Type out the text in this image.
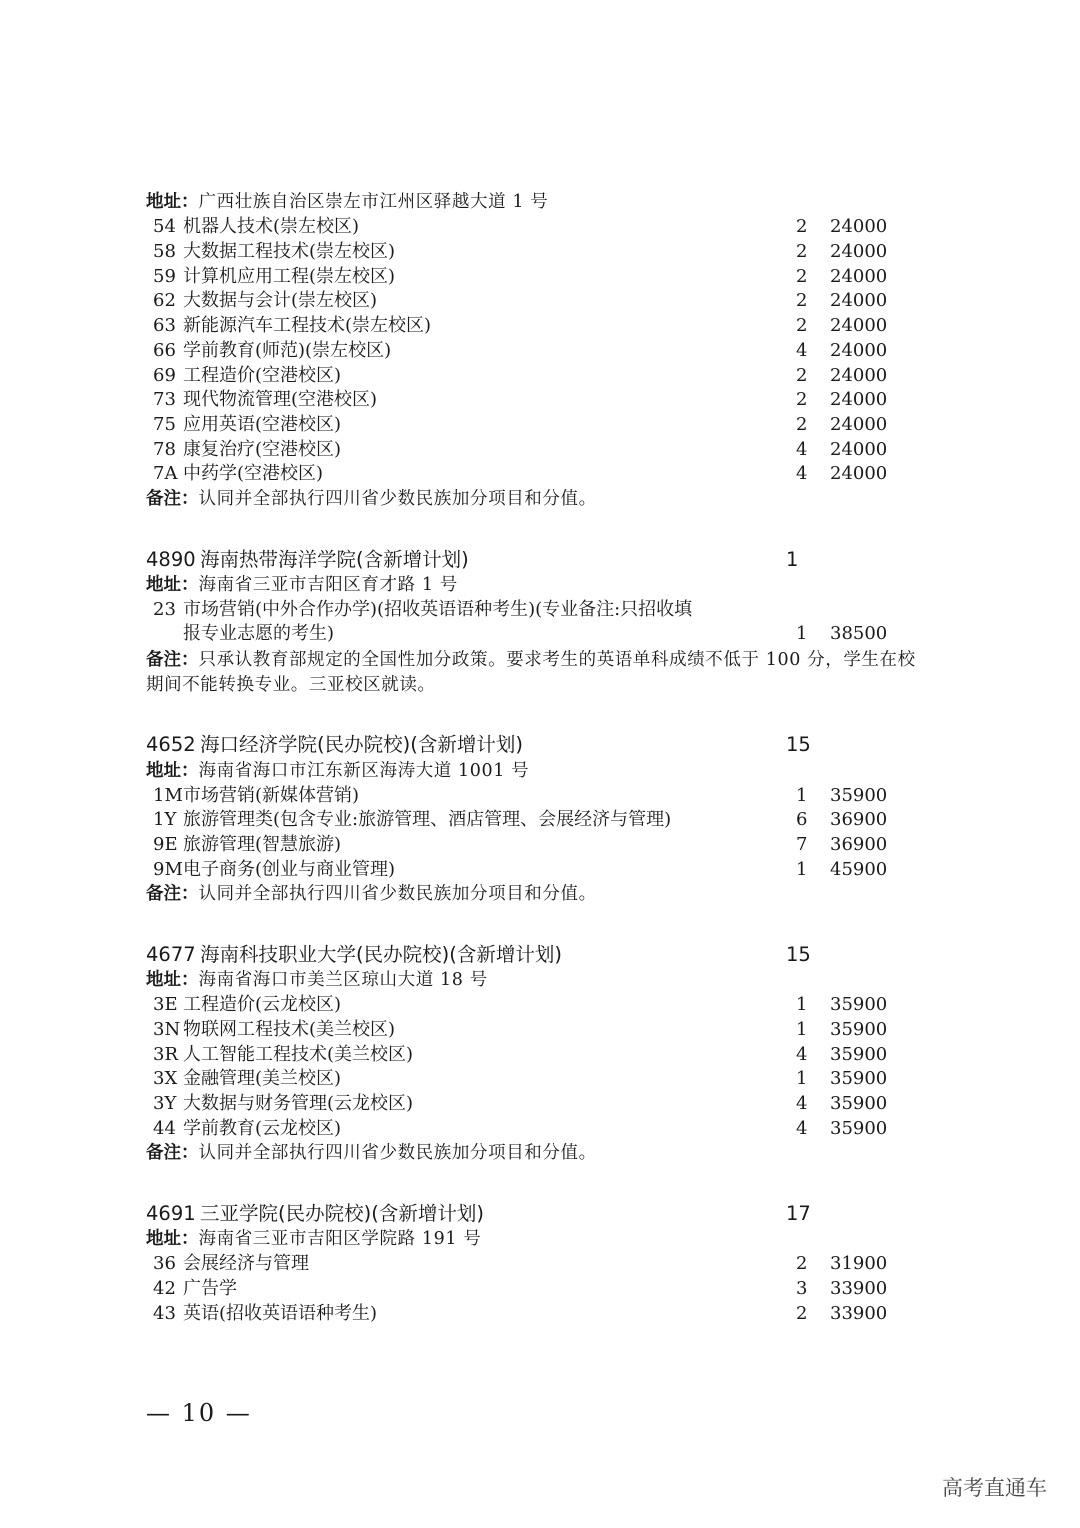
地址：广西壮族自治区崇左市江州区驿越大道 1 号
54 机器人技术(崇左校区)	2 24000
58 大数据工程技术(崇左校区)	2 24000
59 计算机应用工程(崇左校区)	2 24000
62 大数据与会计(崇左校区)	2 24000
63 新能源汽车工程技术(崇左校区)	2 24000
66 学前教育(师范)(崇左校区)	4 24000
69 工程造价(空港校区)	2 24000
73 现代物流管理(空港校区)	2 24000
75 应用英语(空港校区)	2 24000
78 康复治疗(空港校区)	4 24000
7A 中药学(空港校区)	4 24000
备注：认同并全部执行四川省少数民族加分项目和分值。
4890 海南热带海洋学院(含新增计划)	1
地址：海南省三亚市吉阳区育才路 1 号
23 市场营销(中外合作办学)(招收英语语种考生)(专业备注:只招收填
报专业志愿的考生)	1 38500
备注：只承认教育部规定的全国性加分政策。要求考生的英语单科成绩不低于 100 分，学生在校
期间不能转换专业。三亚校区就读。
4652 海口经济学院(民办院校)(含新增计划)	15
地址：海南省海口市江东新区海涛大道 1001 号
1M 市场营销(新媒体营销)	1 35900
1Y 旅游管理类(包含专业:旅游管理、酒店管理、会展经济与管理)	6 36900
9E 旅游管理(智慧旅游)	7 36900
9M 电子商务(创业与商业管理)	1 45900
备注：认同并全部执行四川省少数民族加分项目和分值。
4677 海南科技职业大学(民办院校)(含新增计划)	15
地址：海南省海口市美兰区琼山大道 18 号
3E 工程造价(云龙校区)	1 35900
3N 物联网工程技术(美兰校区)	1 35900
3R 人工智能工程技术(美兰校区)	4 35900
3X 金融管理(美兰校区)	1 35900
3Y 大数据与财务管理(云龙校区)	4 35900
44 学前教育(云龙校区)	4 35900
备注：认同并全部执行四川省少数民族加分项目和分值。
4691 三亚学院(民办院校)(含新增计划)	17
地址：海南省三亚市吉阳区学院路 191 号
36 会展经济与管理	2 31900
42 广告学	3 33900
43 英语(招收英语语种考生)	2 33900
— 10 —
高考直通车
